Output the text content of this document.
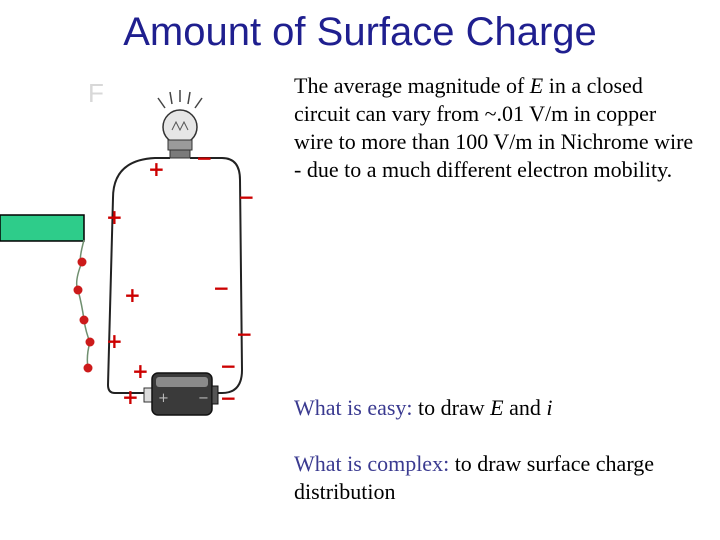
Amount of Surface Charge
F
+ −
+
+
+
+
+
+
−
−
−
−
−
−
The average magnitude of E in a closed circuit can vary from ~.01 V/m in copper wire to more than 100 V/m in Nichrome wire - due to a much different electron mobility.
What is easy: to draw E and i
What is complex: to draw surface charge distribution
